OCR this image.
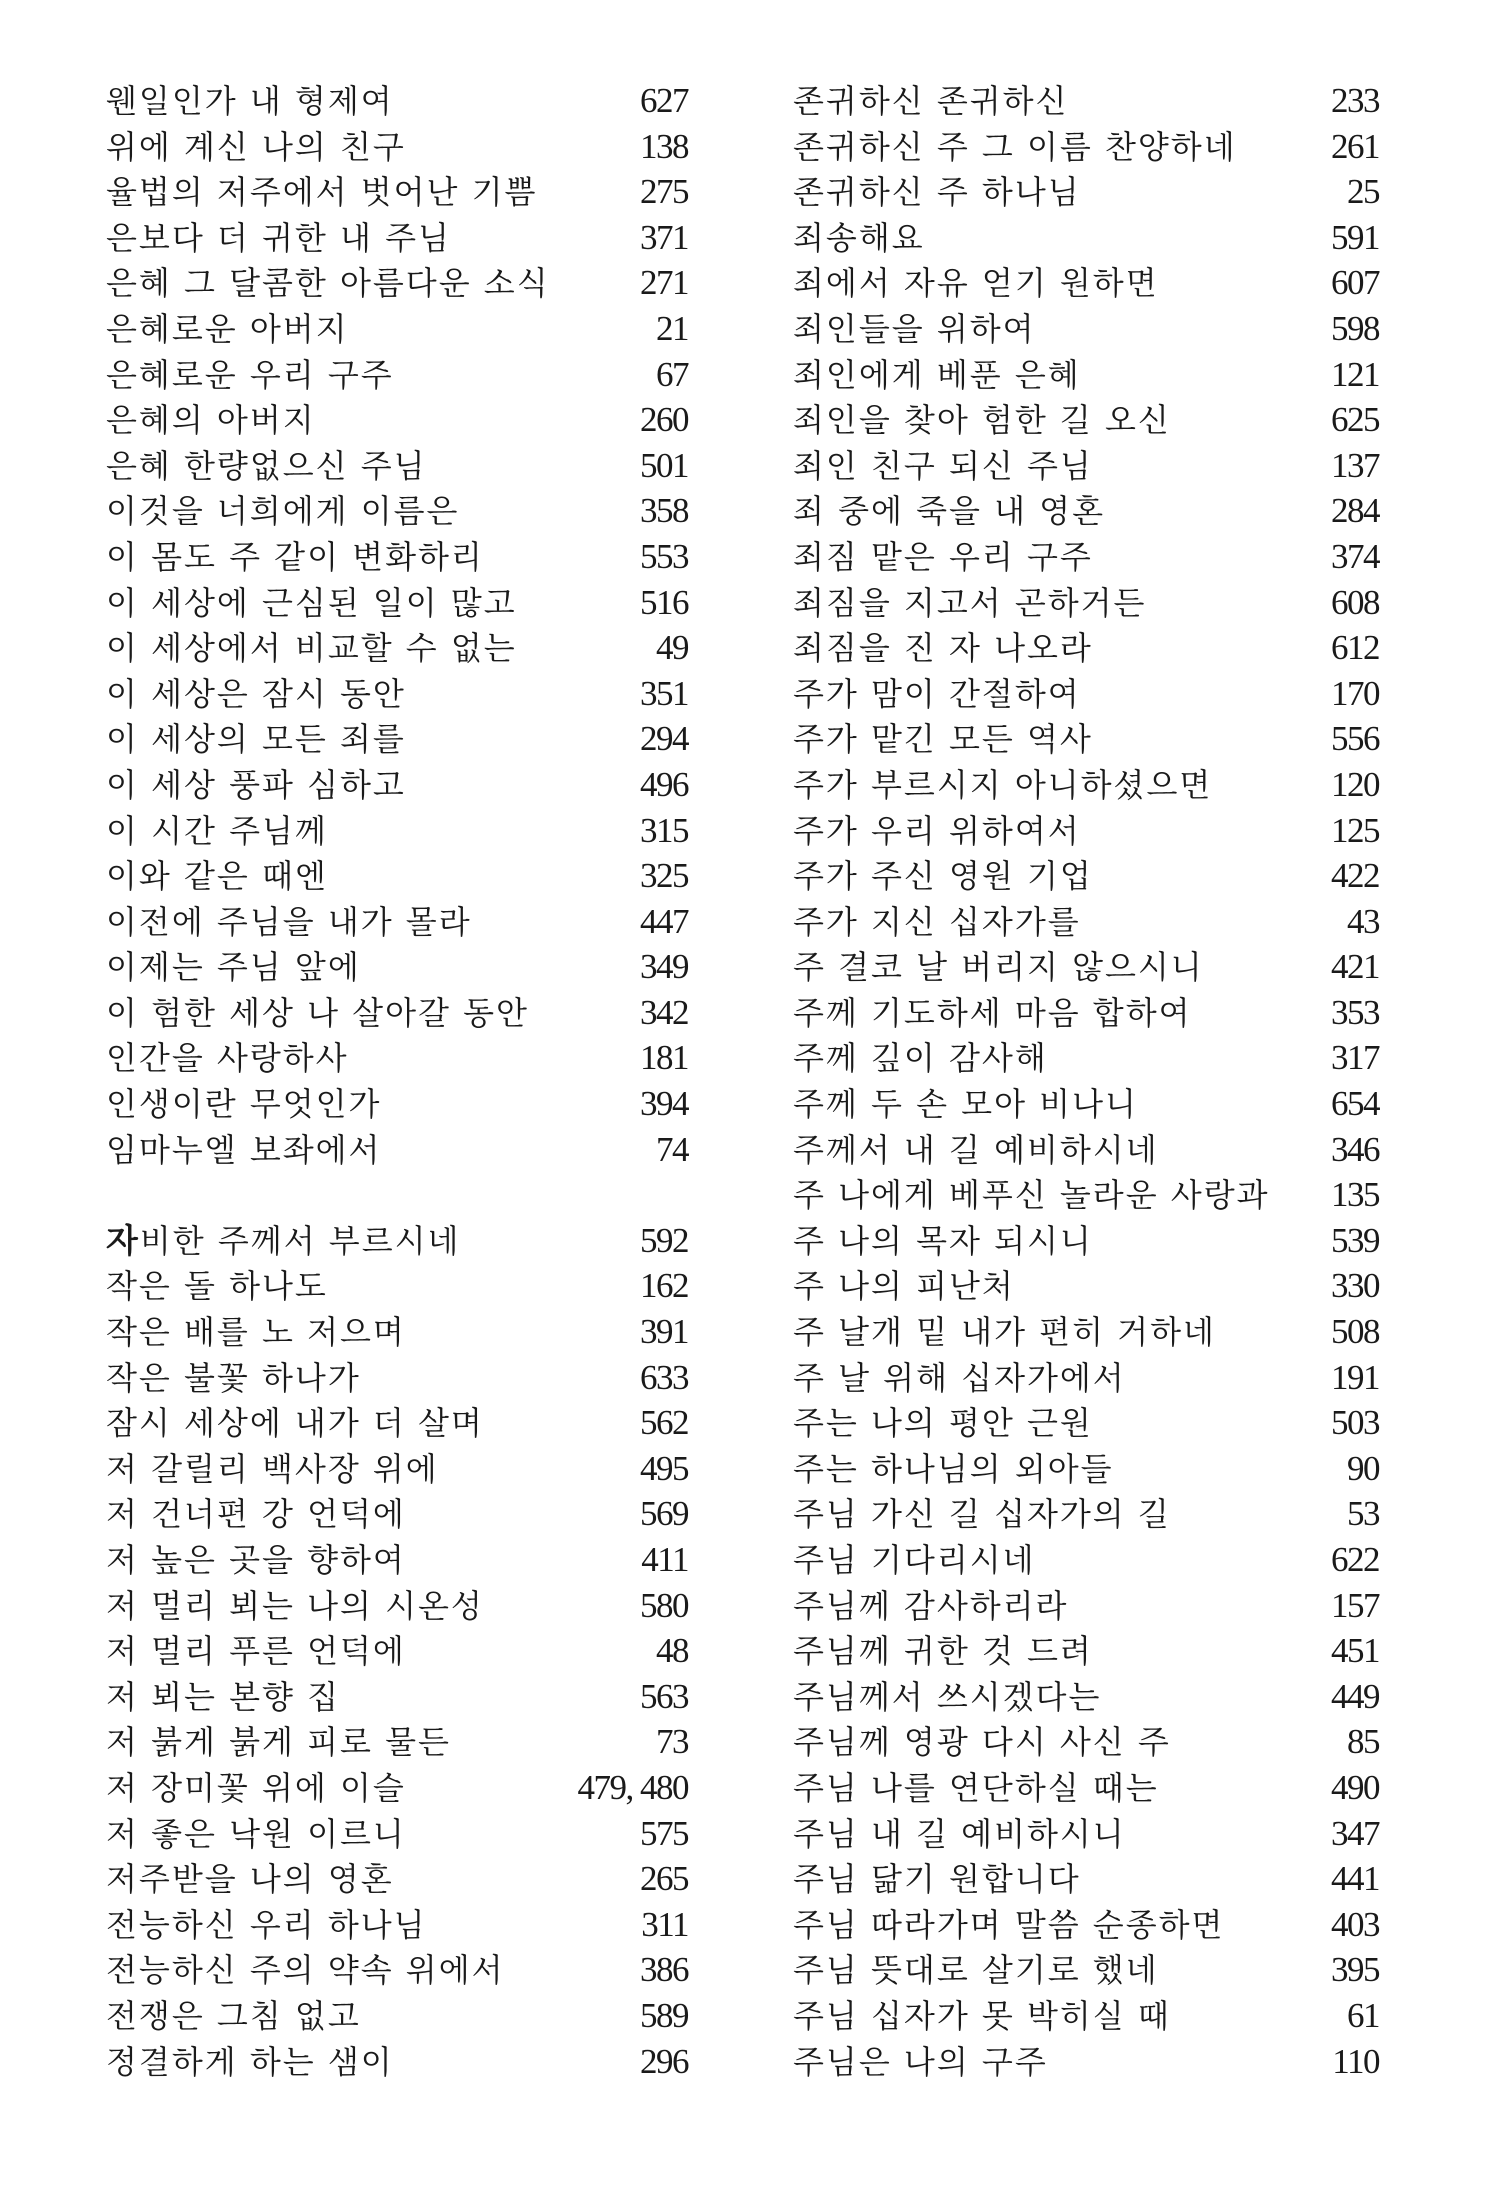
웬일인가 내 형제여	627
위에 계신 나의 친구	138
율법의 저주에서 벗어난 기쁨	275
은보다 더 귀한 내 주님	371
은혜 그 달콤한 아름다운 소식	271
은혜로운 아버지	21
은혜로운 우리 구주	67
은혜의 아버지	260
은혜 한량없으신 주님	501
이것을 너희에게 이름은	358
이 몸도 주 같이 변화하리	553
이 세상에 근심된 일이 많고	516
이 세상에서 비교할 수 없는	49
이 세상은 잠시 동안	351
이 세상의 모든 죄를	294
이 세상 풍파 심하고	496
이 시간 주님께	315
이와 같은 때엔	325
이전에 주님을 내가 몰라	447
이제는 주님 앞에	349
이 험한 세상 나 살아갈 동안	342
인간을 사랑하사	181
인생이란 무엇인가	394
임마누엘 보좌에서	74
자비한 주께서 부르시네	592
작은 돌 하나도	162
작은 배를 노 저으며	391
작은 불꽃 하나가	633
잠시 세상에 내가 더 살며	562
저 갈릴리 백사장 위에	495
저 건너편 강 언덕에	569
저 높은 곳을 향하여	411
저 멀리 뵈는 나의 시온성	580
저 멀리 푸른 언덕에	48
저 뵈는 본향 집	563
저 붉게 붉게 피로 물든	73
저 장미꽃 위에 이슬	479, 480
저 좋은 낙원 이르니	575
저주받을 나의 영혼	265
전능하신 우리 하나님	311
전능하신 주의 약속 위에서	386
전쟁은 그침 없고	589
정결하게 하는 샘이	296
존귀하신 존귀하신	233
존귀하신 주 그 이름 찬양하네	261
존귀하신 주 하나님	25
죄송해요	591
죄에서 자유 얻기 원하면	607
죄인들을 위하여	598
죄인에게 베푼 은혜	121
죄인을 찾아 험한 길 오신	625
죄인 친구 되신 주님	137
죄 중에 죽을 내 영혼	284
죄짐 맡은 우리 구주	374
죄짐을 지고서 곤하거든	608
죄짐을 진 자 나오라	612
주가 맘이 간절하여	170
주가 맡긴 모든 역사	556
주가 부르시지 아니하셨으면	120
주가 우리 위하여서	125
주가 주신 영원 기업	422
주가 지신 십자가를	43
주 결코 날 버리지 않으시니	421
주께 기도하세 마음 합하여	353
주께 깊이 감사해	317
주께 두 손 모아 비나니	654
주께서 내 길 예비하시네	346
주 나에게 베푸신 놀라운 사랑과 135
주 나의 목자 되시니	539
주 나의 피난처	330
주 날개 밑 내가 편히 거하네	508
주 날 위해 십자가에서	191
주는 나의 평안 근원	503
주는 하나님의 외아들	90
주님 가신 길 십자가의 길	53
주님 기다리시네	622
주님께 감사하리라	157
주님께 귀한 것 드려	451
주님께서 쓰시겠다는	449
주님께 영광 다시 사신 주	85
주님 나를 연단하실 때는	490
주님 내 길 예비하시니	347
주님 닮기 원합니다	441
주님 따라가며 말씀 순종하면	403
주님 뜻대로 살기로 했네	395
주님 십자가 못 박히실 때	61
주님은 나의 구주	110
